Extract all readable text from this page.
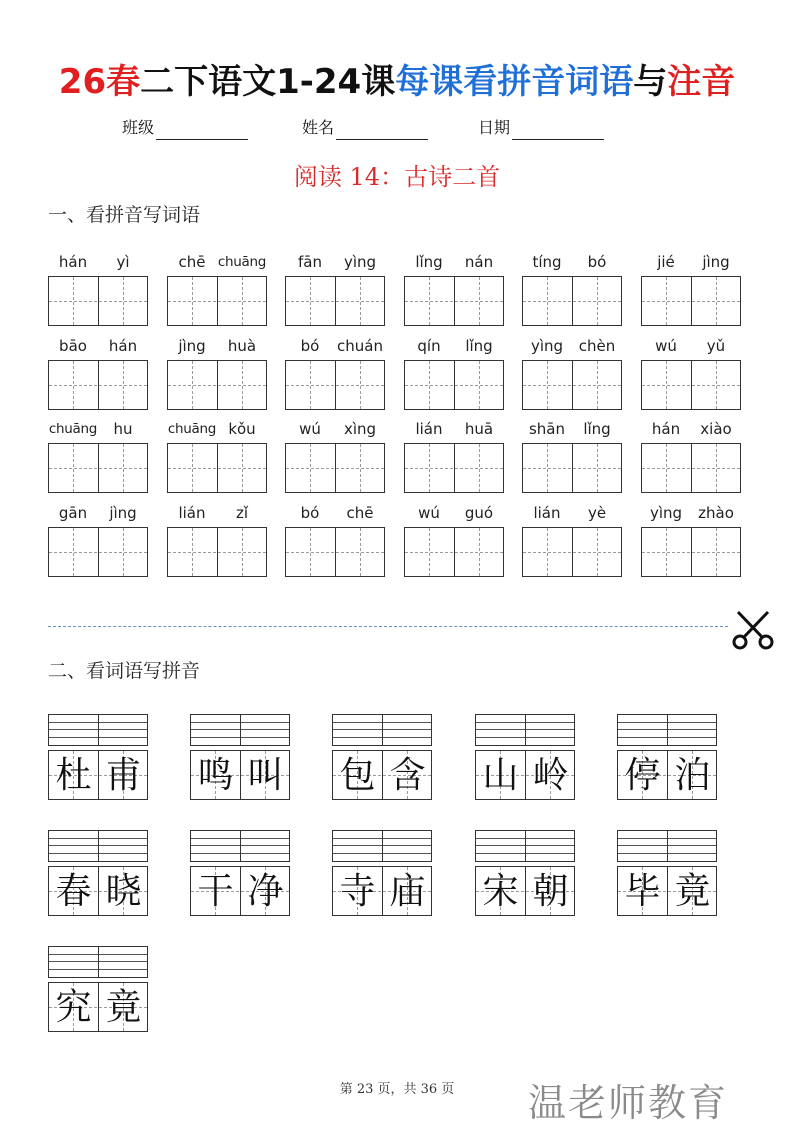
26春二下语文1-24课每课看拼音词语与注音
班级	姓名	日期
阅读 14：古诗二首
一、看拼音写词语
hán	yì	chē chuāng	fān	yìng	lǐng	nán	tíng	bó	jié	jìng
bāo	hán	jìng	huà	bó	chuán	qín	lǐng	yìng	chèn	wú	yǔ
chuāng	hu	chuāng kǒu	wú	xìng	lián	huā	shān	lǐng	hán	xiào
gān	jìng	lián	zǐ	bó	chē	wú	guó	lián	yè	yìng	zhào
二、看词语写拼音
杜 甫 鸣 叫 包 含 山 岭 停 泊
春 晓 干 净 寺 庙 宋 朝 毕 竟
究 竟
第 23 页，共 36 页	温老师教育
